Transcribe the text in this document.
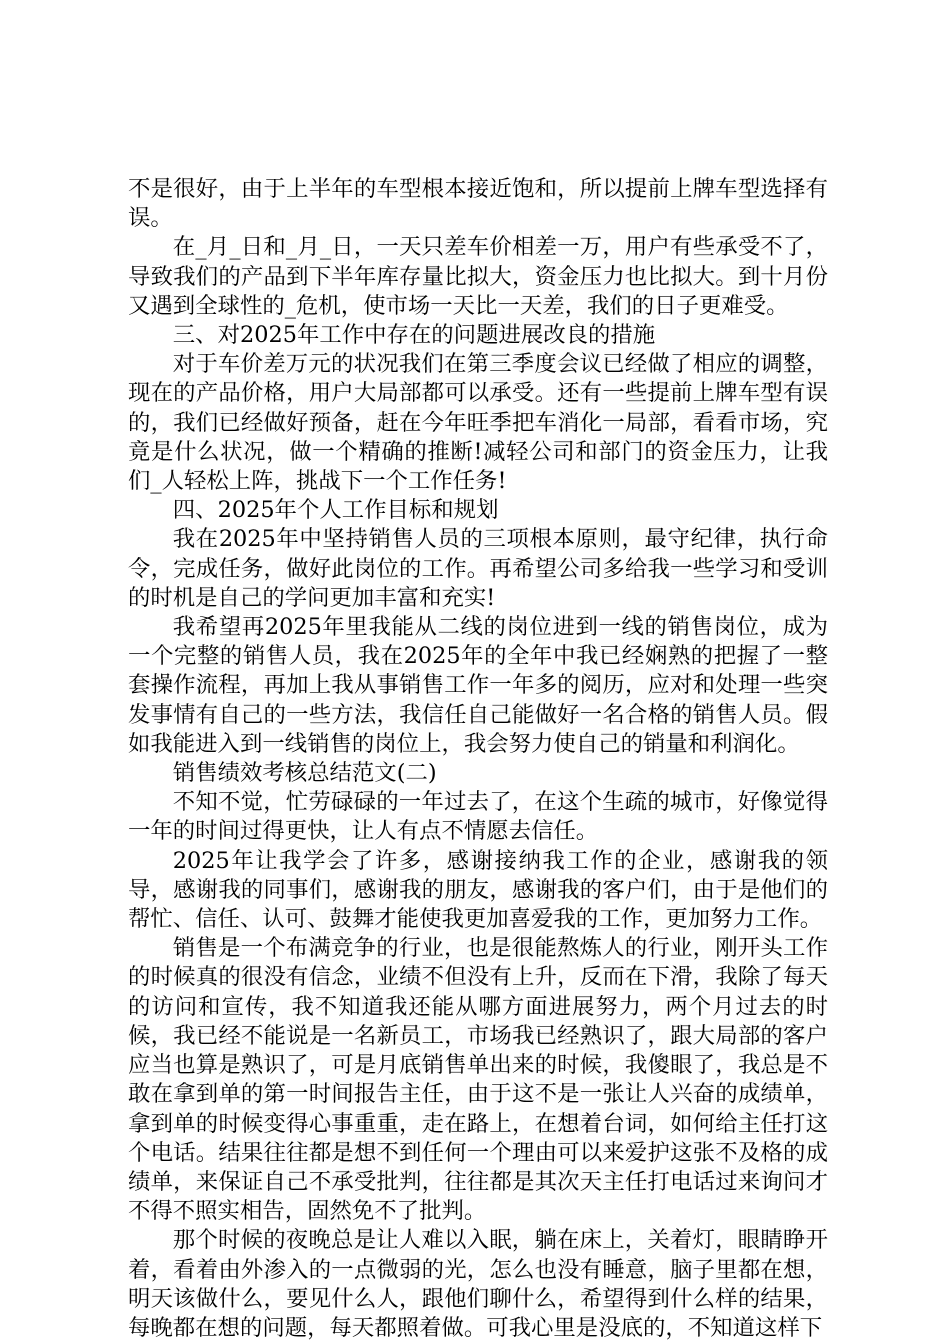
不是很好，由于上半年的车型根本接近饱和，所以提前上牌车型选择有误。

在_月_日和_月_日，一天只差车价相差一万，用户有些承受不了，导致我们的产品到下半年库存量比拟大，资金压力也比拟大。到十月份又遇到全球性的_危机，使市场一天比一天差，我们的日子更难受。

三、对2025年工作中存在的问题进展改良的措施

对于车价差万元的状况我们在第三季度会议已经做了相应的调整，现在的产品价格，用户大局部都可以承受。还有一些提前上牌车型有误的，我们已经做好预备，赶在今年旺季把车消化一局部，看看市场，究竟是什么状况，做一个精确的推断!减轻公司和部门的资金压力，让我们_人轻松上阵，挑战下一个工作任务!

四、2025年个人工作目标和规划

我在2025年中坚持销售人员的三项根本原则，最守纪律，执行命令，完成任务，做好此岗位的工作。再希望公司多给我一些学习和受训的时机是自己的学问更加丰富和充实!

我希望再2025年里我能从二线的岗位进到一线的销售岗位，成为一个完整的销售人员，我在2025年的全年中我已经娴熟的把握了一整套操作流程，再加上我从事销售工作一年多的阅历，应对和处理一些突发事情有自己的一些方法，我信任自己能做好一名合格的销售人员。假如我能进入到一线销售的岗位上，我会努力使自己的销量和利润化。

销售绩效考核总结范文(二)

不知不觉，忙劳碌碌的一年过去了，在这个生疏的城市，好像觉得一年的时间过得更快，让人有点不情愿去信任。

2025年让我学会了许多，感谢接纳我工作的企业，感谢我的领导，感谢我的同事们，感谢我的朋友，感谢我的客户们，由于是他们的帮忙、信任、认可、鼓舞才能使我更加喜爱我的工作，更加努力工作。

销售是一个布满竞争的行业，也是很能熬炼人的行业，刚开头工作的时候真的很没有信念，业绩不但没有上升，反而在下滑，我除了每天的访问和宣传，我不知道我还能从哪方面进展努力，两个月过去的时候，我已经不能说是一名新员工，市场我已经熟识了，跟大局部的客户应当也算是熟识了，可是月底销售单出来的时候，我傻眼了，我总是不敢在拿到单的第一时间报告主任，由于这不是一张让人兴奋的成绩单，拿到单的时候变得心事重重，走在路上，在想着台词，如何给主任打这个电话。结果往往都是想不到任何一个理由可以来爱护这张不及格的成绩单，来保证自己不承受批判，往往都是其次天主任打电话过来询问才不得不照实相告，固然免不了批判。

那个时候的夜晚总是让人难以入眠，躺在床上，关着灯，眼睛睁开着，看着由外渗入的一点微弱的光，怎么也没有睡意，脑子里都在想，明天该做什么，要见什么人，跟他们聊什么，希望得到什么样的结果，每晚都在想的问题，每天都照着做。可我心里是没底的，不知道这样下
